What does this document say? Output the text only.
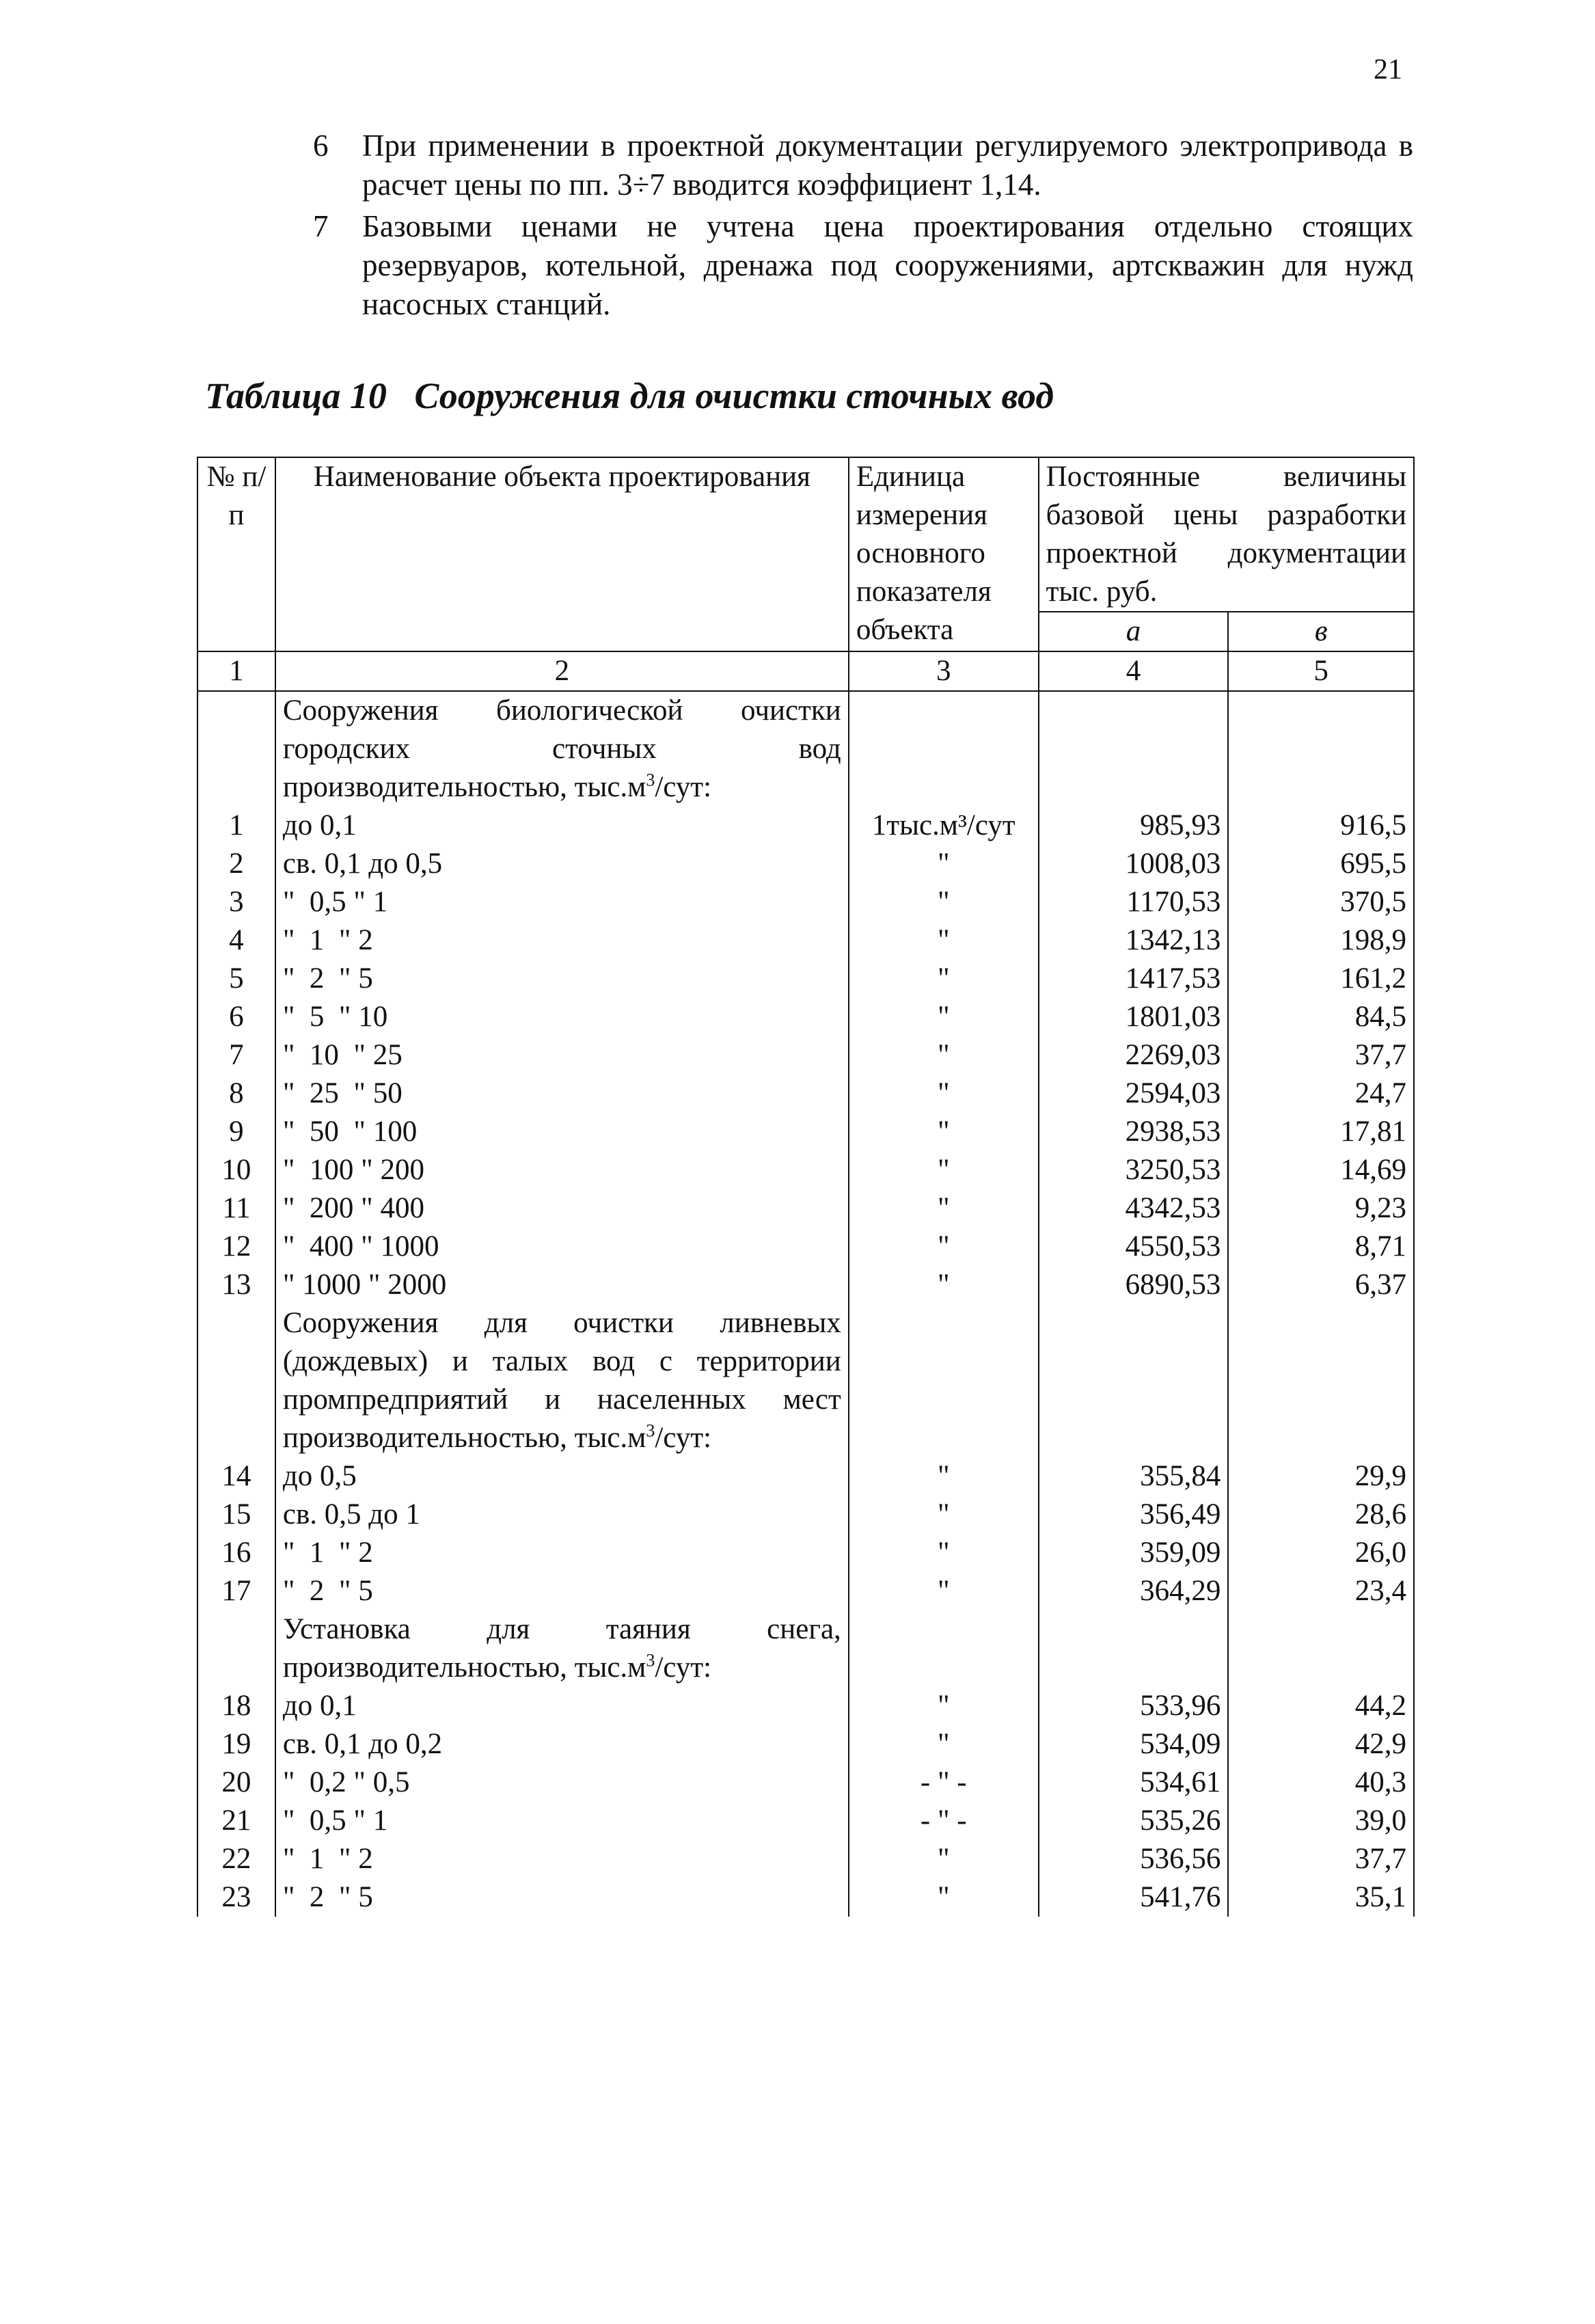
21
6	При применении в проектной документации регулируемого электропривода в расчет цены по пп. 3÷7 вводится коэффициент 1,14.
7	Базовыми ценами не учтена цена проектирования отдельно стоящих резервуаров, котельной, дренажа под сооружениями, артскважин для нужд насосных станций.
Таблица 10 Сооружения для очистки сточных вод
№ п/п	Наименование объекта проектирования	Единица измерения основного показателя объекта	Постоянные величины базовой цены разработки проектной документации тыс. руб.	
			а	в
1	2	3	4	5
	Сооружения биологической очистки городских сточных вод производительностью, $тыс.м^3$/сут:			
1	до 0,1	1тыс.м³/сут	985,93	916,5
2	св. 0,1 до 0,5	"	1008,03	695,5
3	"  0,5 " 1	"	1170,53	370,5
4	"  1  " 2	"	1342,13	198,9
5	"  2  " 5	"	1417,53	161,2
6	"  5  " 10	"	1801,03	84,5
7	"  10  " 25	"	2269,03	37,7
8	"  25  " 50	"	2594,03	24,7
9	"  50  " 100	"	2938,53	17,81
10	"  100 " 200	"	3250,53	14,69
11	"  200 " 400	"	4342,53	9,23
12	"  400 " 1000	"	4550,53	8,71
13	" 1000 " 2000	"	6890,53	6,37
	Сооружения для очистки ливневых (дождевых) и талых вод с территории промпредприятий и населенных мест производительностью, $тыс.м^3$/сут:			
14	до 0,5	"	355,84	29,9
15	св. 0,5 до 1	"	356,49	28,6
16	"  1  " 2	"	359,09	26,0
17	"  2  " 5	"	364,29	23,4
	Установка для таяния снега, производительностью, $тыс.м^3$/сут:			
18	до 0,1	"	533,96	44,2
19	св. 0,1 до 0,2	"	534,09	42,9
20	"  0,2 " 0,5	- " -	534,61	40,3
21	"  0,5 " 1	- " -	535,26	39,0
22	"  1  " 2	"	536,56	37,7
23	"  2  " 5	"	541,76	35,1
